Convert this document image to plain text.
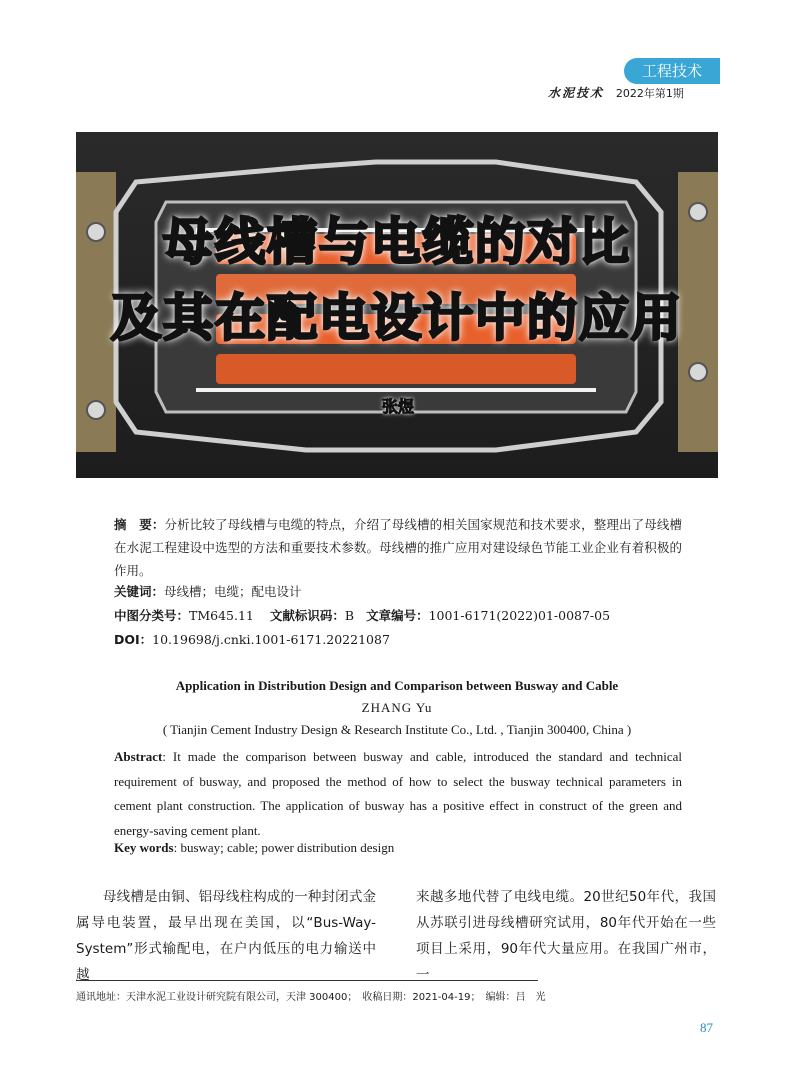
工程技术
水泥技术 2022年第1期
母线槽与电缆的对比
及其在配电设计中的应用
张煜
摘　要：分析比较了母线槽与电缆的特点，介绍了母线槽的相关国家规范和技术要求，整理出了母线槽在水泥工程建设中选型的方法和重要技术参数。母线槽的推广应用对建设绿色节能工业企业有着积极的作用。
关键词：母线槽；电缆；配电设计
中图分类号：TM645.11 文献标识码：B 文章编号：1001-6171(2022)01-0087-05
DOI：10.19698/j.cnki.1001-6171.20221087
Application in Distribution Design and Comparison between Busway and Cable
ZHANG Yu
( Tianjin Cement Industry Design & Research Institute Co., Ltd. , Tianjin 300400, China )
Abstract: It made the comparison between busway and cable, introduced the standard and technical requirement of busway, and proposed the method of how to select the busway technical parameters in cement plant construction. The application of busway has a positive effect in construct of the green and energy-saving cement plant.
Key words: busway; cable; power distribution design
母线槽是由铜、铝母线柱构成的一种封闭式金属导电装置，最早出现在美国，以“Bus-Way-System”形式输配电，在户内低压的电力输送中越
来越多地代替了电线电缆。20世纪50年代，我国从苏联引进母线槽研究试用，80年代开始在一些项目上采用，90年代大量应用。在我国广州市，一
通讯地址：天津水泥工业设计研究院有限公司，天津 300400；　收稿日期：2021-04-19；　编辑：吕　光
87
